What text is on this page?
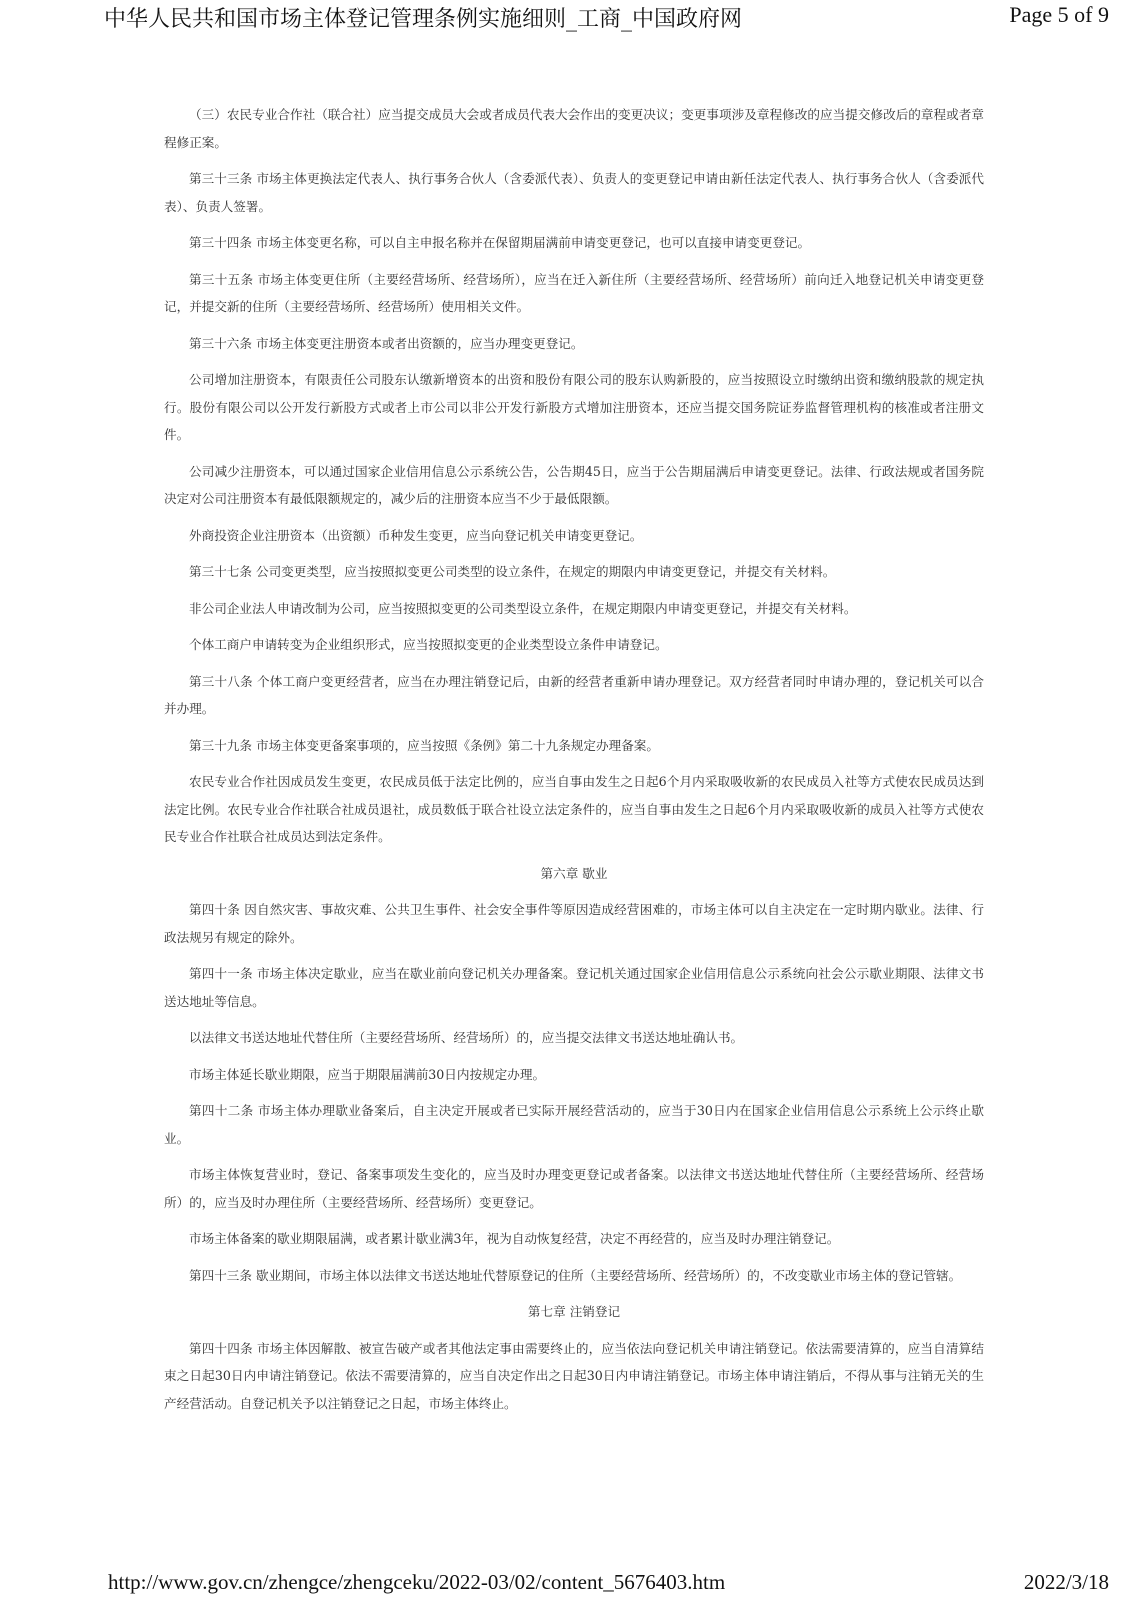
中华人民共和国市场主体登记管理条例实施细则_工商_中国政府网	Page 5 of 9

（三）农民专业合作社（联合社）应当提交成员大会或者成员代表大会作出的变更决议；变更事项涉及章程修改的应当提交修改后的章程或者章程修正案。

第三十三条 市场主体更换法定代表人、执行事务合伙人（含委派代表）、负责人的变更登记申请由新任法定代表人、执行事务合伙人（含委派代表）、负责人签署。

第三十四条 市场主体变更名称，可以自主申报名称并在保留期届满前申请变更登记，也可以直接申请变更登记。

第三十五条 市场主体变更住所（主要经营场所、经营场所），应当在迁入新住所（主要经营场所、经营场所）前向迁入地登记机关申请变更登记，并提交新的住所（主要经营场所、经营场所）使用相关文件。

第三十六条 市场主体变更注册资本或者出资额的，应当办理变更登记。

公司增加注册资本，有限责任公司股东认缴新增资本的出资和股份有限公司的股东认购新股的，应当按照设立时缴纳出资和缴纳股款的规定执行。股份有限公司以公开发行新股方式或者上市公司以非公开发行新股方式增加注册资本，还应当提交国务院证券监督管理机构的核准或者注册文件。

公司减少注册资本，可以通过国家企业信用信息公示系统公告，公告期45日，应当于公告期届满后申请变更登记。法律、行政法规或者国务院决定对公司注册资本有最低限额规定的，减少后的注册资本应当不少于最低限额。

外商投资企业注册资本（出资额）币种发生变更，应当向登记机关申请变更登记。

第三十七条 公司变更类型，应当按照拟变更公司类型的设立条件，在规定的期限内申请变更登记，并提交有关材料。

非公司企业法人申请改制为公司，应当按照拟变更的公司类型设立条件，在规定期限内申请变更登记，并提交有关材料。

个体工商户申请转变为企业组织形式，应当按照拟变更的企业类型设立条件申请登记。

第三十八条 个体工商户变更经营者，应当在办理注销登记后，由新的经营者重新申请办理登记。双方经营者同时申请办理的，登记机关可以合并办理。

第三十九条 市场主体变更备案事项的，应当按照《条例》第二十九条规定办理备案。

农民专业合作社因成员发生变更，农民成员低于法定比例的，应当自事由发生之日起6个月内采取吸收新的农民成员入社等方式使农民成员达到法定比例。农民专业合作社联合社成员退社，成员数低于联合社设立法定条件的，应当自事由发生之日起6个月内采取吸收新的成员入社等方式使农民专业合作社联合社成员达到法定条件。

第六章 歇业

第四十条 因自然灾害、事故灾难、公共卫生事件、社会安全事件等原因造成经营困难的，市场主体可以自主决定在一定时期内歇业。法律、行政法规另有规定的除外。

第四十一条 市场主体决定歇业，应当在歇业前向登记机关办理备案。登记机关通过国家企业信用信息公示系统向社会公示歇业期限、法律文书送达地址等信息。

以法律文书送达地址代替住所（主要经营场所、经营场所）的，应当提交法律文书送达地址确认书。

市场主体延长歇业期限，应当于期限届满前30日内按规定办理。

第四十二条 市场主体办理歇业备案后，自主决定开展或者已实际开展经营活动的，应当于30日内在国家企业信用信息公示系统上公示终止歇业。

市场主体恢复营业时，登记、备案事项发生变化的，应当及时办理变更登记或者备案。以法律文书送达地址代替住所（主要经营场所、经营场所）的，应当及时办理住所（主要经营场所、经营场所）变更登记。

市场主体备案的歇业期限届满，或者累计歇业满3年，视为自动恢复经营，决定不再经营的，应当及时办理注销登记。

第四十三条 歇业期间，市场主体以法律文书送达地址代替原登记的住所（主要经营场所、经营场所）的，不改变歇业市场主体的登记管辖。

第七章 注销登记

第四十四条 市场主体因解散、被宣告破产或者其他法定事由需要终止的，应当依法向登记机关申请注销登记。依法需要清算的，应当自清算结束之日起30日内申请注销登记。依法不需要清算的，应当自决定作出之日起30日内申请注销登记。市场主体申请注销后，不得从事与注销无关的生产经营活动。自登记机关予以注销登记之日起，市场主体终止。

http://www.gov.cn/zhengce/zhengceku/2022-03/02/content_5676403.htm	2022/3/18
